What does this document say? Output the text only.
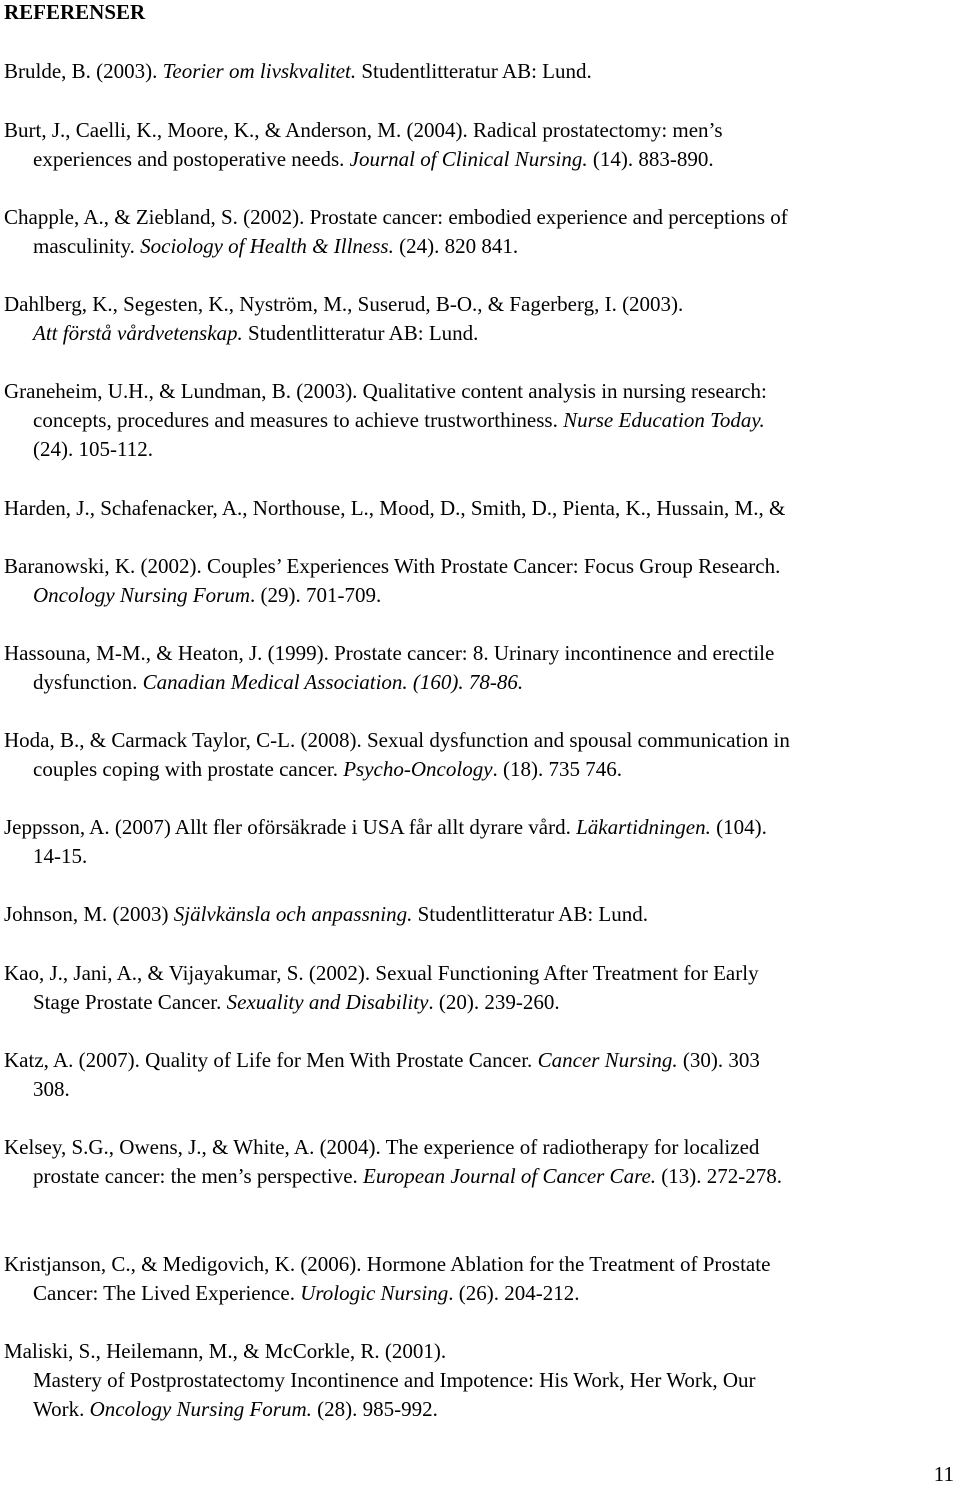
REFERENSER
Brulde, B. (2003). Teorier om livskvalitet. Studentlitteratur AB: Lund.
Burt, J., Caelli, K., Moore, K., & Anderson, M. (2004). Radical prostatectomy: men’s
experiences and postoperative needs. Journal of Clinical Nursing. (14). 883-890.
Chapple, A., & Ziebland, S. (2002). Prostate cancer: embodied experience and perceptions of
masculinity. Sociology of Health & Illness. (24). 820 841.
Dahlberg, K., Segesten, K., Nyström, M., Suserud, B-O., & Fagerberg, I. (2003).
Att förstå vårdvetenskap. Studentlitteratur AB: Lund.
Graneheim, U.H., & Lundman, B. (2003). Qualitative content analysis in nursing research:
concepts, procedures and measures to achieve trustworthiness. Nurse Education Today.
(24). 105-112.
Harden, J., Schafenacker, A., Northouse, L., Mood, D., Smith, D., Pienta, K., Hussain, M., &
Baranowski, K. (2002). Couples’ Experiences With Prostate Cancer: Focus Group Research.
Oncology Nursing Forum. (29). 701-709.
Hassouna, M-M., & Heaton, J. (1999). Prostate cancer: 8. Urinary incontinence and erectile
dysfunction. Canadian Medical Association. (160). 78-86.
Hoda, B., & Carmack Taylor, C-L. (2008). Sexual dysfunction and spousal communication in
couples coping with prostate cancer. Psycho-Oncology. (18). 735 746.
Jeppsson, A. (2007) Allt fler oförsäkrade i USA får allt dyrare vård. Läkartidningen. (104).
14-15.
Johnson, M. (2003) Självkänsla och anpassning. Studentlitteratur AB: Lund.
Kao, J., Jani, A., & Vijayakumar, S. (2002). Sexual Functioning After Treatment for Early
Stage Prostate Cancer. Sexuality and Disability. (20). 239-260.
Katz, A. (2007). Quality of Life for Men With Prostate Cancer. Cancer Nursing. (30). 303
308.
Kelsey, S.G., Owens, J., & White, A. (2004). The experience of radiotherapy for localized
prostate cancer: the men’s perspective. European Journal of Cancer Care. (13). 272-278.
Kristjanson, C., & Medigovich, K. (2006). Hormone Ablation for the Treatment of Prostate
Cancer: The Lived Experience. Urologic Nursing. (26). 204-212.
Maliski, S., Heilemann, M., & McCorkle, R. (2001).
Mastery of Postprostatectomy Incontinence and Impotence: His Work, Her Work, Our
Work. Oncology Nursing Forum. (28). 985-992.
11
